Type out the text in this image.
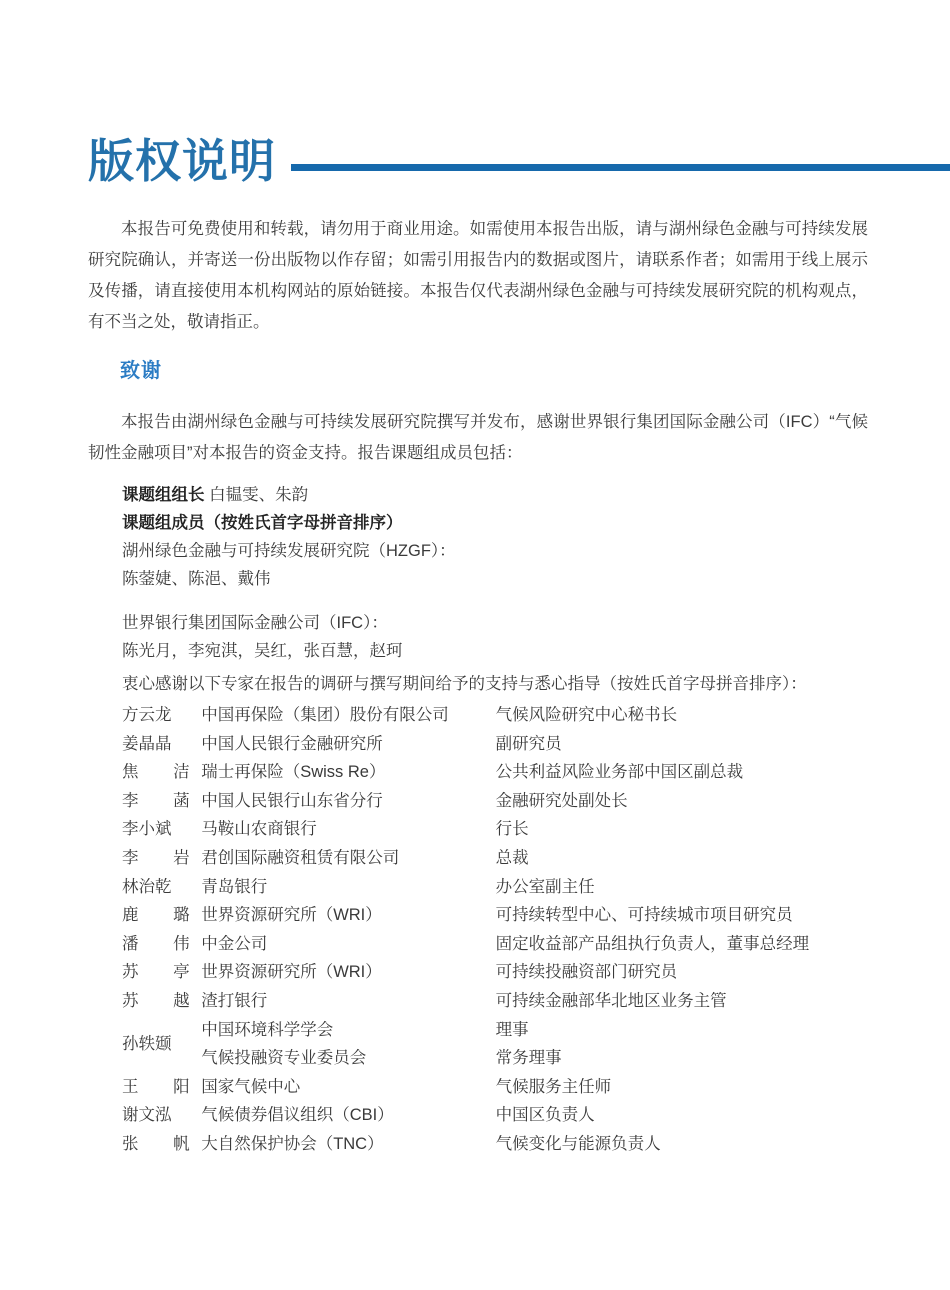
版权说明
本报告可免费使用和转载，请勿用于商业用途。如需使用本报告出版，请与湖州绿色金融与可持续发展研究院确认，并寄送一份出版物以作存留；如需引用报告内的数据或图片，请联系作者；如需用于线上展示及传播，请直接使用本机构网站的原始链接。本报告仅代表湖州绿色金融与可持续发展研究院的机构观点，有不当之处，敬请指正。
致谢
本报告由湖州绿色金融与可持续发展研究院撰写并发布，感谢世界银行集团国际金融公司（IFC）“气候韧性金融项目”对本报告的资金支持。报告课题组成员包括：
课题组组长 白韫雯、朱韵
课题组成员（按姓氏首字母拼音排序）
湖州绿色金融与可持续发展研究院（HZGF）：
陈蓥婕、陈浥、戴伟
世界银行集团国际金融公司（IFC）：
陈光月，李宛淇，吴红，张百慧，赵珂
衷心感谢以下专家在报告的调研与撰写期间给予的支持与悉心指导（按姓氏首字母拼音排序）：
方云龙	中国再保险（集团）股份有限公司	气候风险研究中心秘书长
姜晶晶	中国人民银行金融研究所	副研究员
焦洁	瑞士再保险（Swiss Re）	公共利益风险业务部中国区副总裁
李菡	中国人民银行山东省分行	金融研究处副处长
李小斌	马鞍山农商银行	行长
李岩	君创国际融资租赁有限公司	总裁
林治乾	青岛银行	办公室副主任
鹿璐	世界资源研究所（WRI）	可持续转型中心、可持续城市项目研究员
潘伟	中金公司	固定收益部产品组执行负责人，董事总经理
苏亭	世界资源研究所（WRI）	可持续投融资部门研究员
苏越	渣打银行	可持续金融部华北地区业务主管
孙轶颋	中国环境科学学会	理事
	气候投融资专业委员会	常务理事
王阳	国家气候中心	气候服务主任师
谢文泓	气候债券倡议组织（CBI）	中国区负责人
张帆	大自然保护协会（TNC）	气候变化与能源负责人
